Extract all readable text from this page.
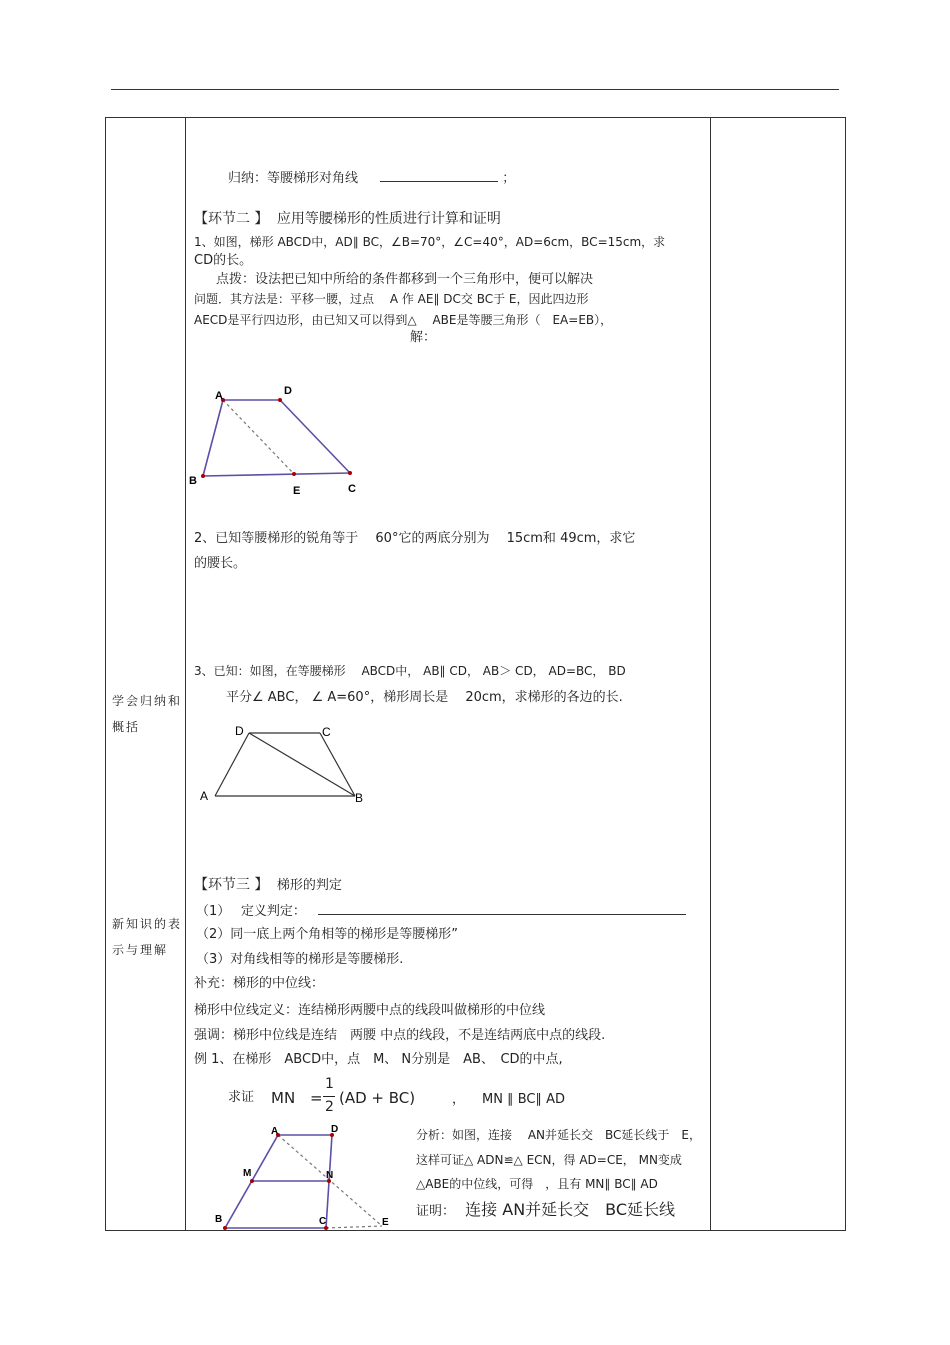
学会归纳和概括
新知识的表示与理解
归纳：等腰梯形对角线	；
【环节二 】 应用等腰梯形的性质进行计算和证明
1、如图，梯形 ABCD中，AD∥ BC，∠B=70°，∠C=40°，AD=6cm，BC=15cm，求
CD的长。
点拨：设法把已知中所给的条件都移到一个三角形中，便可以解决
问题．其方法是：平移一腰，过点　 A 作 AE∥ DC交 BC于 E，因此四边形
AECD是平行四边形，由已知又可以得到△　 ABE是等腰三角形（　EA=EB），
解：
A	D
B
C
E
2、已知等腰梯形的锐角等于　 60°它的两底分别为　 15cm和 49cm，求它
的腰长。
3、已知：如图，在等腰梯形　 ABCD中， AB∥ CD， AB＞ CD， AD=BC， BD
平分∠ ABC， ∠ A=60°，梯形周长是　 20cm，求梯形的各边的长.
A	B
C
D
【环节三 】 梯形的判定
（1）　 定义判定：
（2）同一底上两个角相等的梯形是等腰梯形”
（3）对角线相等的梯形是等腰梯形.
补充：梯形的中位线：
梯形中位线定义：连结梯形两腰中点的线段叫做梯形的中位线
强调：梯形中位线是连结　两腰 中点的线段，不是连结两底中点的线段.
例 1、在梯形　ABCD中，点　M、 N分别是　AB、　CD的中点,
求证 MN =
1
2 (AD + BC)	， MN ∥ BC∥ AD
A	D
M	N
B	C	E
分析：如图，连接　 AN并延长交　BC延长线于　E，
这样可证△ ADN≌△ ECN，得 AD=CE， MN变成
△ABE的中位线，可得　，且有 MN∥ BC∥ AD
证明： 连接 AN并延长交　BC延长线
